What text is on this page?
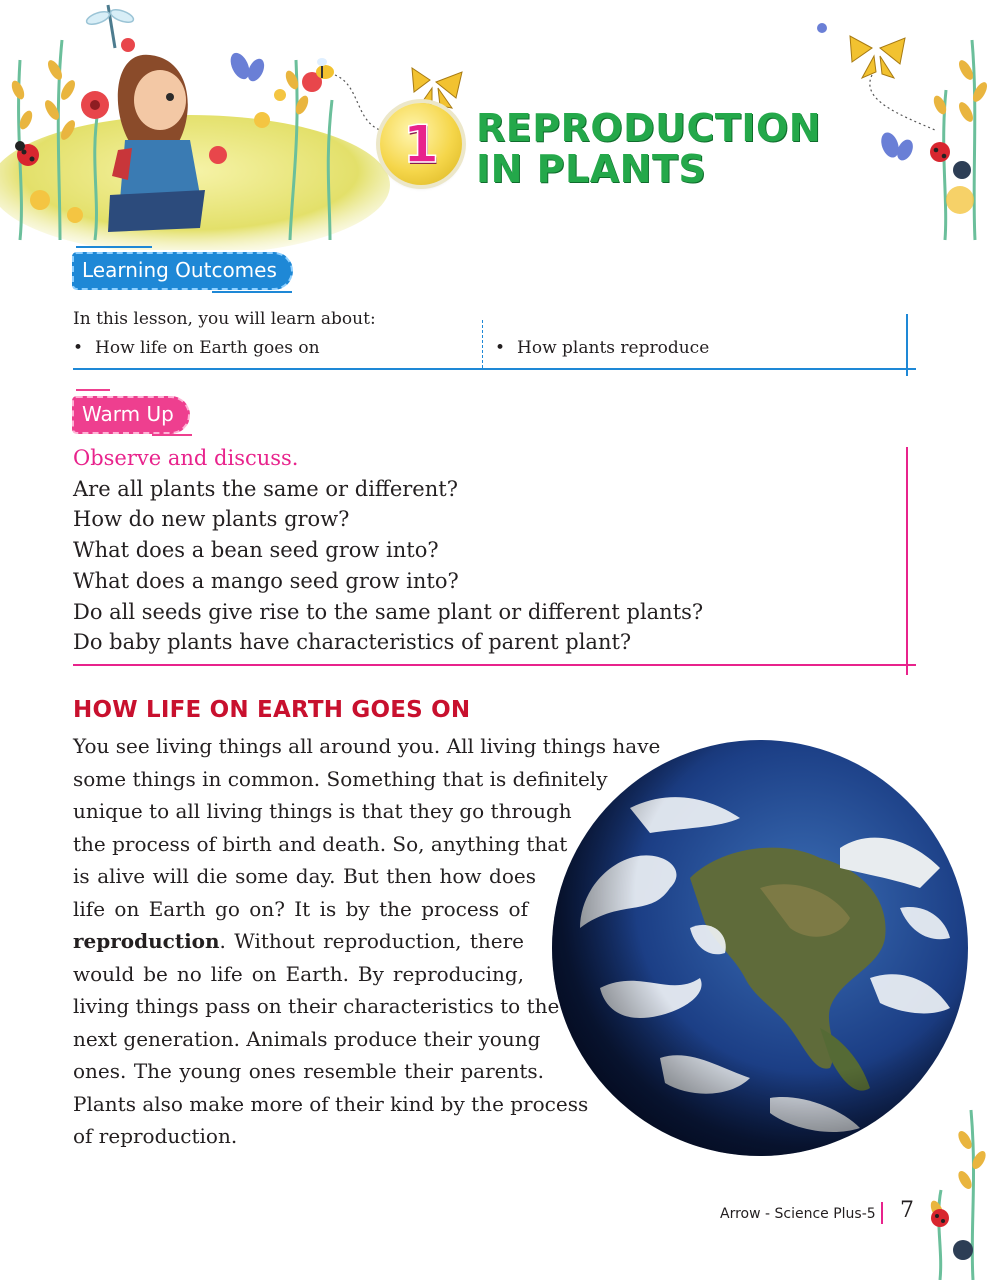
1 REPRODUCTION
IN PLANTS
Learning Outcomes
In this lesson, you will learn about:
• How life on Earth goes on
•	How plants reproduce
Warm Up

Observe and discuss.

Are all plants the same or different?

How do new plants grow?

What does a bean seed grow into?

What does a mango seed grow into?

Do all seeds give rise to the same plant or different plants?

Do baby plants have characteristics of parent plant?

HOW LIFE ON EARTH GOES ON
You see living things all around you. All living things have
some things in common. Something that is definitely
unique to all living things is that they go through
the process of birth and death. So, anything that
is alive will die some day. But then how does
life on Earth go on? It is by the process of
reproduction . Without reproduction, there
would be no life on Earth. By reproducing,
living things pass on their characteristics to the
next generation. Animals produce their young
ones. The young ones resemble their parents.
Plants also make more of their kind by the process
of reproduction.
Arrow - Science Plus-5 7
